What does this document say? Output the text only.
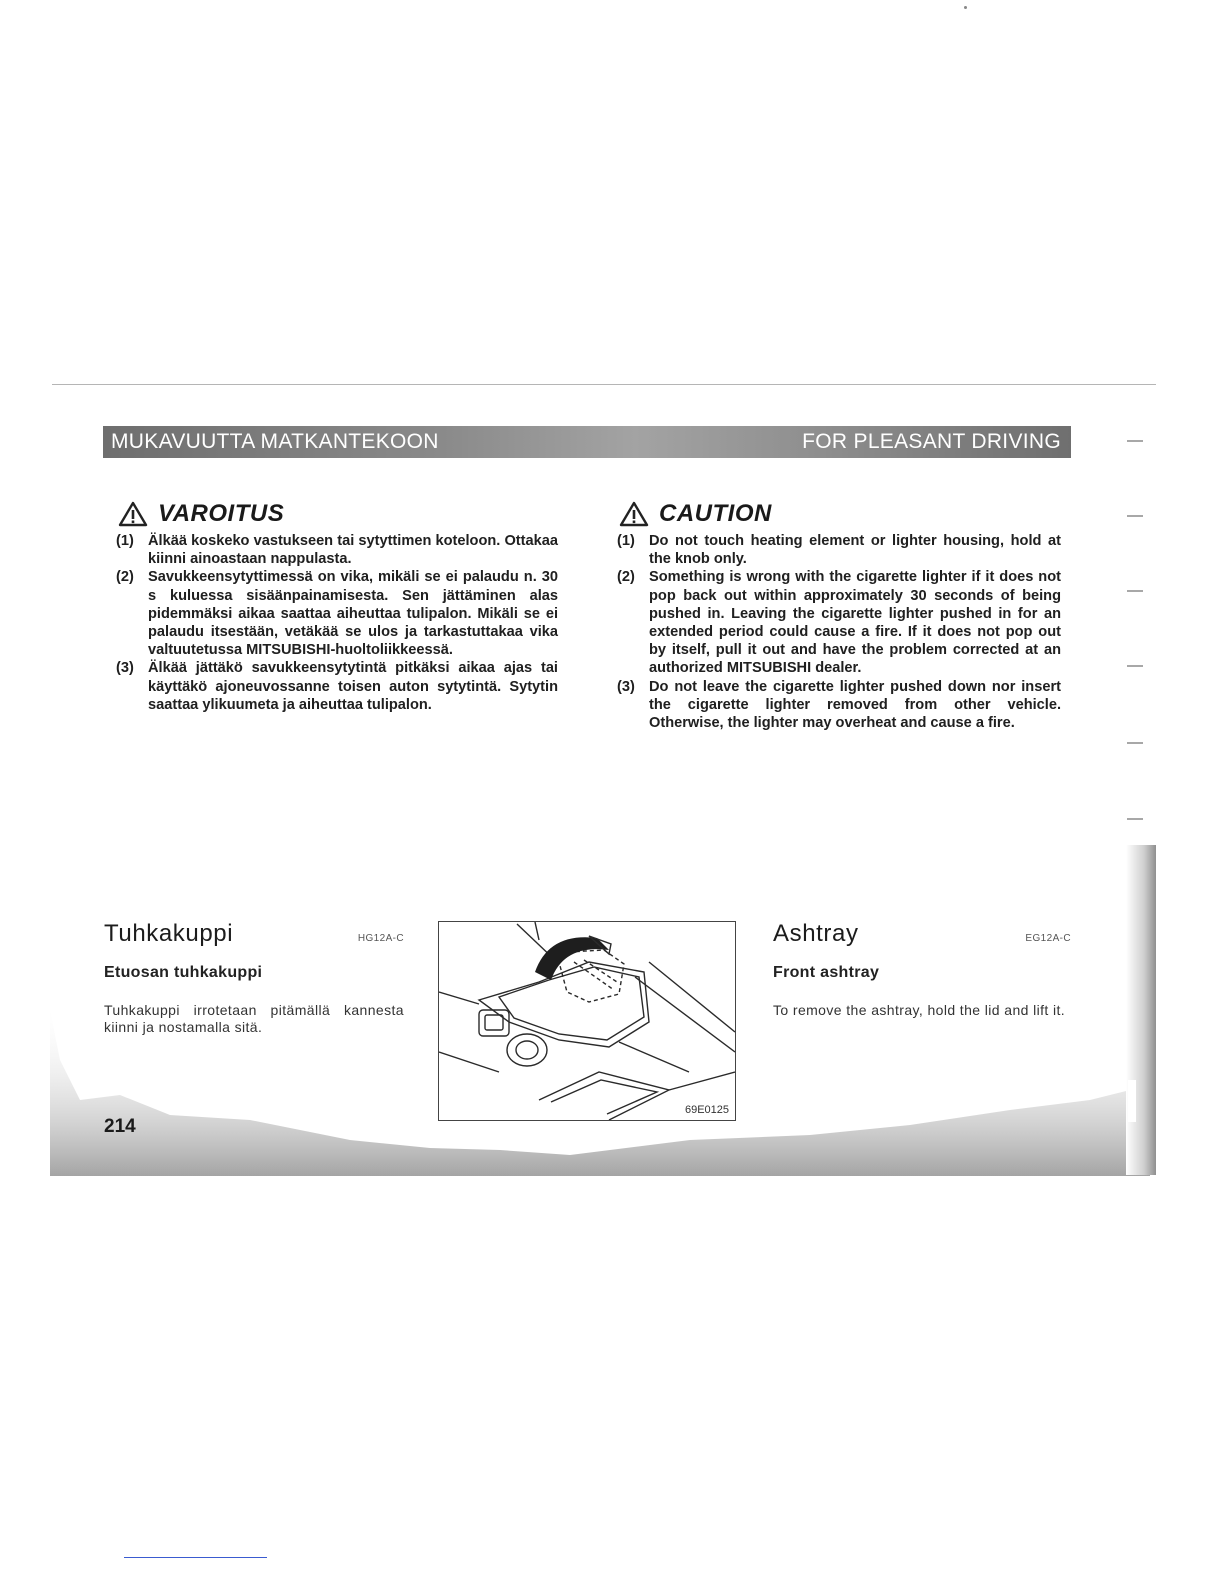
MUKAVUUTTA MATKANTEKOON	FOR PLEASANT DRIVING
VAROITUS
(1) Älkää koskeko vastukseen tai sytyttimen koteloon. Ottakaa kiinni ainoastaan nappulasta.
(2) Savukkeensytyttimessä on vika, mikäli se ei palaudu n. 30 s kuluessa sisäänpainamisesta. Sen jättäminen alas pidemmäksi aikaa saattaa aiheuttaa tulipalon. Mikäli se ei palaudu itsestään, vetäkää se ulos ja tarkastuttakaa vika valtuutetussa MITSUBISHI-huoltoliikkeessä.
(3) Älkää jättäkö savukkeensytytintä pitkäksi aikaa ajas tai käyttäkö ajoneuvossanne toisen auton sytytintä. Sytytin saattaa ylikuumeta ja aiheuttaa tulipalon.
CAUTION
(1) Do not touch heating element or lighter housing, hold at the knob only.
(2) Something is wrong with the cigarette lighter if it does not pop back out within approximately 30 seconds of being pushed in. Leaving the cigarette lighter pushed in for an extended period could cause a fire. If it does not pop out by itself, pull it out and have the problem corrected at an authorized MITSUBISHI dealer.
(3) Do not leave the cigarette lighter pushed down nor insert the cigarette lighter removed from other vehicle. Otherwise, the lighter may overheat and cause a fire.
Tuhkakuppi	HG12A-C
Etuosan tuhkakuppi
Tuhkakuppi irrotetaan pitämällä kannesta kiinni ja nostamalla sitä.
69E0125
Ashtray	EG12A-C
Front ashtray
To remove the ashtray, hold the lid and lift it.
214
